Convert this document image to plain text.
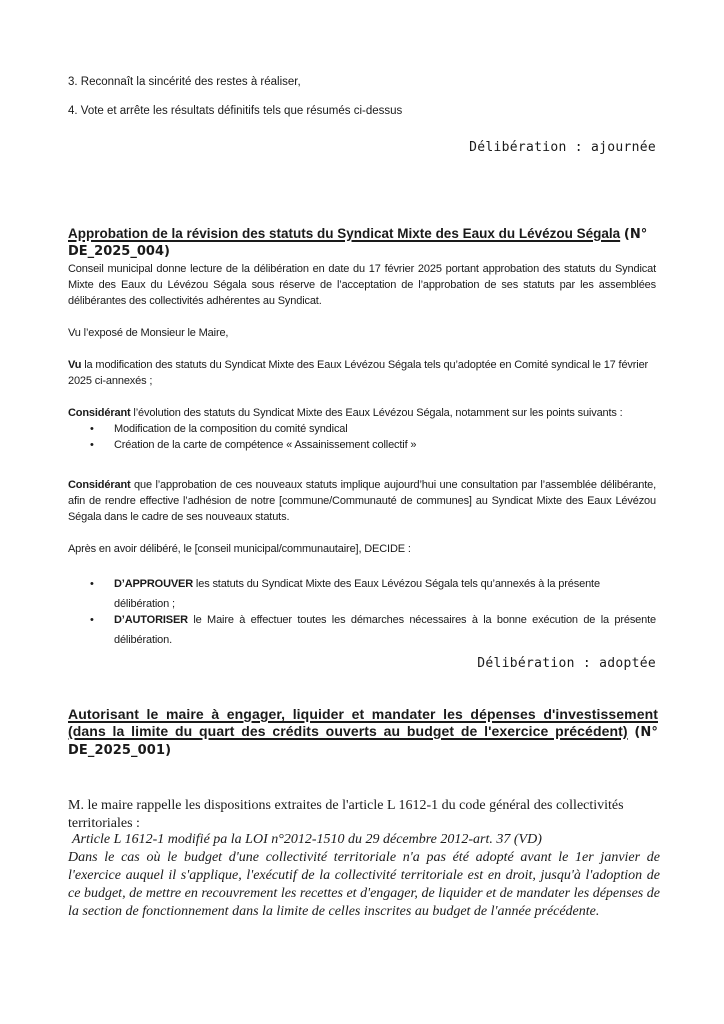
3. Reconnaît la sincérité des restes à réaliser,
4. Vote et arrête les résultats définitifs tels que résumés ci-dessus
Délibération : ajournée
Approbation de la révision des statuts du Syndicat Mixte des Eaux du Lévézou Ségala (N° DE_2025_004)
Conseil municipal donne lecture de la délibération en date du 17 février 2025 portant approbation des statuts du Syndicat Mixte des Eaux du Lévézou Ségala sous réserve de l’acceptation de l’approbation de ses statuts par les assemblées délibérantes des collectivités adhérentes au Syndicat.
Vu l’exposé de Monsieur le Maire,
Vu la modification des statuts du Syndicat Mixte des Eaux Lévézou Ségala tels qu’adoptée en Comité syndical le 17 février 2025 ci-annexés ;
Considérant l’évolution des statuts du Syndicat Mixte des Eaux Lévézou Ségala, notamment sur les points suivants :
• Modification de la composition du comité syndical
• Création de la carte de compétence « Assainissement collectif »
Considérant que l’approbation de ces nouveaux statuts implique aujourd’hui une consultation par l’assemblée délibérante, afin de rendre effective l’adhésion de notre [commune/Communauté de communes] au Syndicat Mixte des Eaux Lévézou Ségala dans le cadre de ses nouveaux statuts.
Après en avoir délibéré, le [conseil municipal/communautaire], DECIDE :
•	D’APPROUVER les statuts du Syndicat Mixte des Eaux Lévézou Ségala tels qu’annexés à la présente délibération ;
•	D’AUTORISER le Maire à effectuer toutes les démarches nécessaires à la bonne exécution de la présente délibération.
Délibération : adoptée
Autorisant le maire à engager, liquider et mandater les dépenses d'investissement (dans la limite du quart des crédits ouverts au budget de l'exercice précédent) (N° DE_2025_001)
M. le maire rappelle les dispositions extraites de l'article L 1612-1 du code général des collectivités territoriales :
Article L 1612-1 modifié pa la LOI n°2012-1510 du 29 décembre 2012-art. 37 (VD)
Dans le cas où le budget d'une collectivité territoriale n'a pas été adopté avant le 1er janvier de l'exercice auquel il s'applique, l'exécutif de la collectivité territoriale est en droit, jusqu'à l'adoption de ce budget, de mettre en recouvrement les recettes et d'engager, de liquider et de mandater les dépenses de la section de fonctionnement dans la limite de celles inscrites au budget de l'année précédente.
